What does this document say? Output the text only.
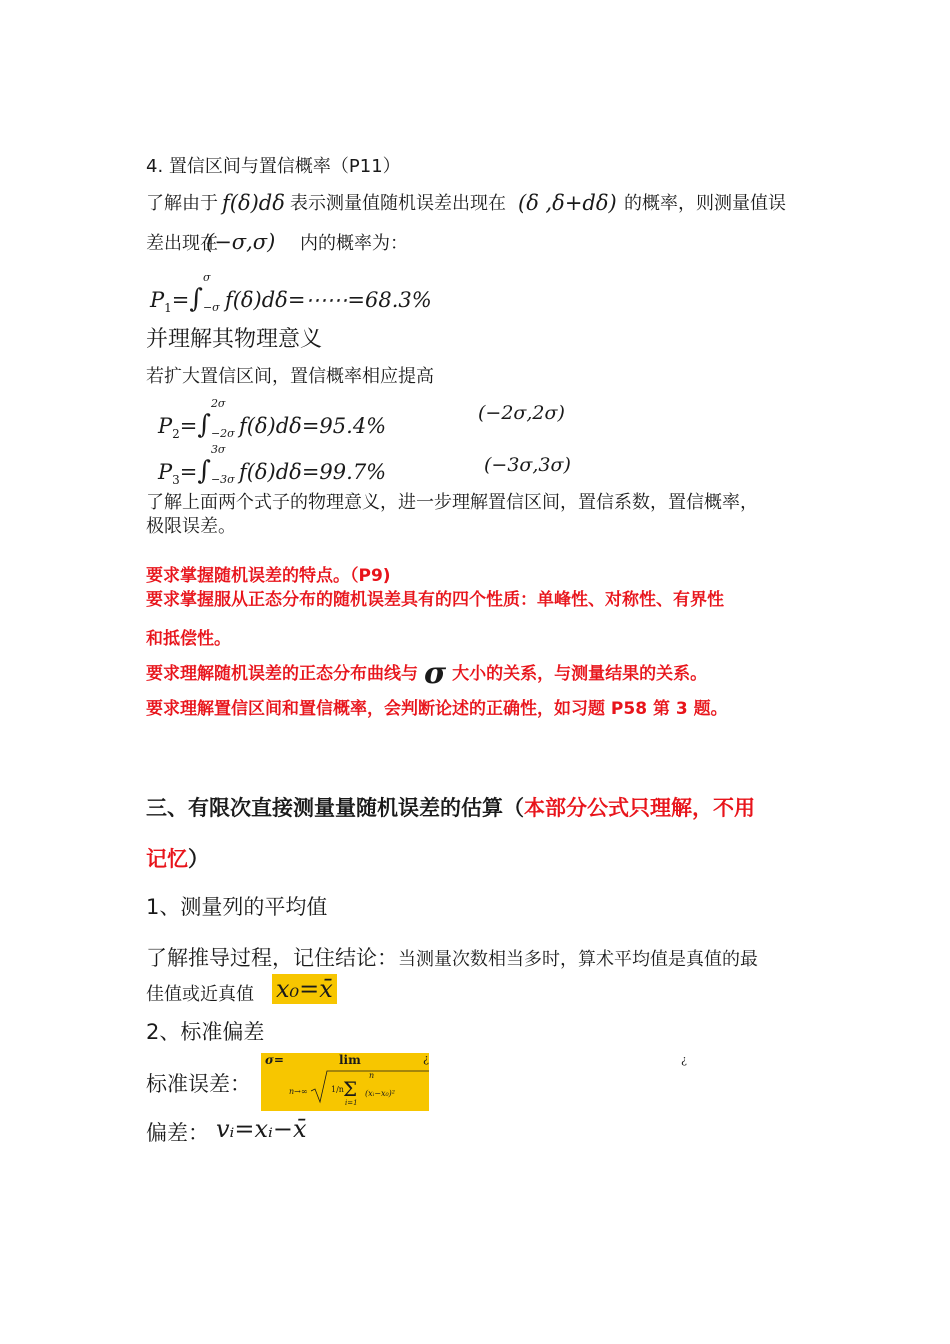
4. 置信区间与置信概率（P11）
了解由于 f(δ)dδ 表示测量值随机误差出现在 (δ ,δ+dδ) 的概率，则测量值误
差出现在
(−σ,σ) 内的概率为：
$P_1=\int$
σ
−σ f(δ)dδ=⋯⋯=68.3%
并理解其物理意义
若扩大置信区间，置信概率相应提高
$P_2=\int$
2σ
−2σ f(δ)dδ=95.4%
(−2σ,2σ)
$P_3=\int$
3σ
−3σ f(δ)dδ=99.7%	(−3σ,3σ)
了解上面两个式子的物理意义，进一步理解置信区间，置信系数，置信概率，
极限误差。
要求掌握随机误差的特点。（P9)
要求掌握服从正态分布的随机误差具有的四个性质：单峰性、对称性、有界性
和抵偿性。
要求理解随机误差的正态分布曲线与 σ 大小的关系，与测量结果的关系。
要求理解置信区间和置信概率，会判断论述的正确性，如习题 P58 第 3 题。
三、有限次直接测量量随机误差的估算（本部分公式只理解，不用
记忆）
1、测量列的平均值
了解推导过程，记住结论：当测量次数相当多时，算术平均值是真值的最
佳值或近真值 x₀=x̄
2、标准偏差
标准误差：
σ=	lim	¿
n→∞
n
1/n Σ
i=1
(xᵢ−x₀)²
¿
偏差： vᵢ=xᵢ−x̄
